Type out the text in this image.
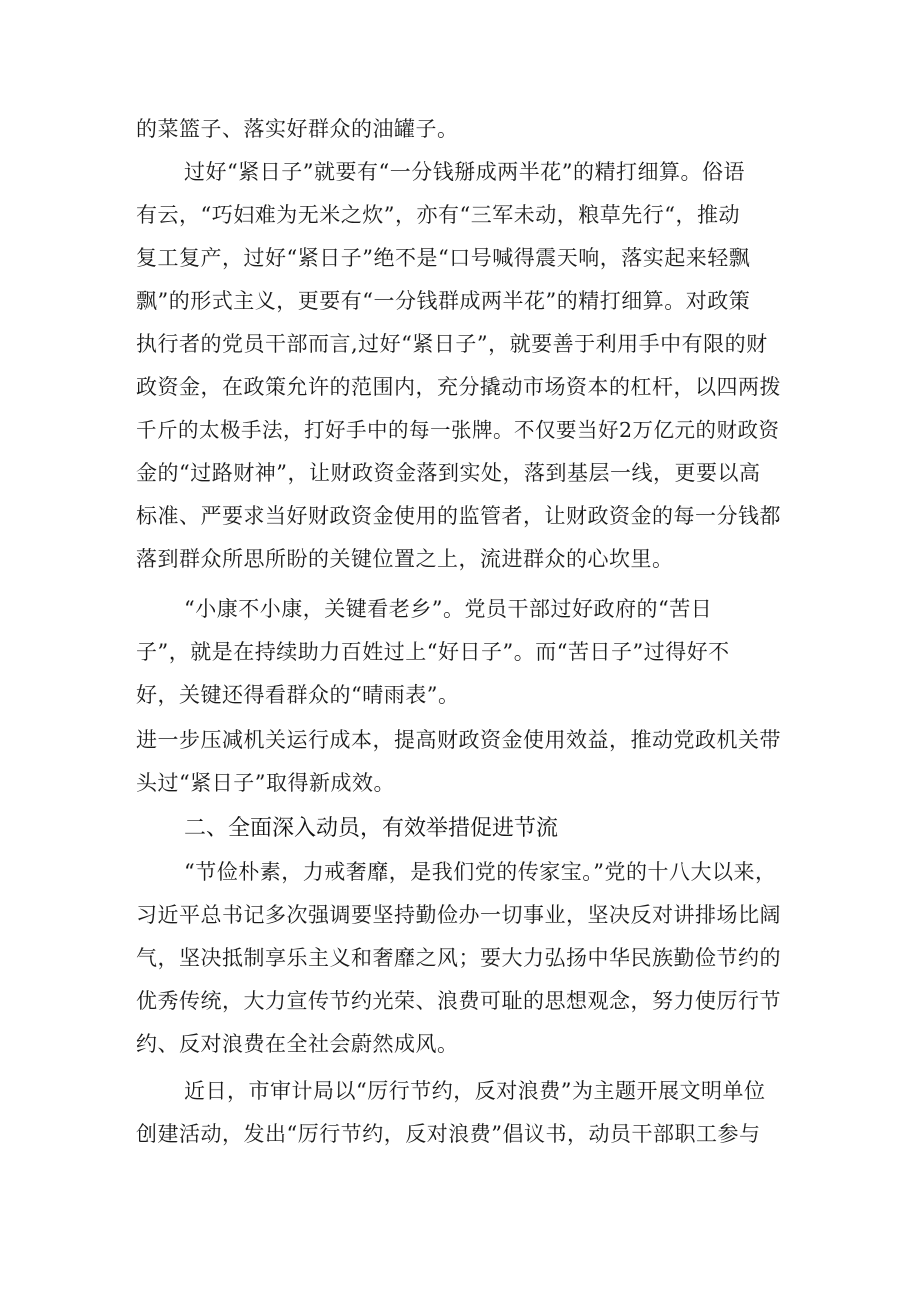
的菜篮子、落实好群众的油罐子。
过好“紧日子”就要有“一分钱掰成两半花”的精打细算。俗语
有云，“巧妇难为无米之炊”，亦有“三军未动，粮草先行“，推动
复工复产，过好“紧日子”绝不是“口号喊得震天响，落实起来轻飘
飘”的形式主义，更要有“一分钱群成两半花”的精打细算。对政策
执行者的党员干部而言,过好“紧日子”，就要善于利用手中有限的财
政资金，在政策允许的范围内，充分撬动市场资本的杠杆，以四两拨
千斤的太极手法，打好手中的每一张牌。不仅要当好2万亿元的财政资
金的“过路财神”，让财政资金落到实处，落到基层一线，更要以高
标准、严要求当好财政资金使用的监管者，让财政资金的每一分钱都
落到群众所思所盼的关键位置之上，流进群众的心坎里。
“小康不小康，关键看老乡”。党员干部过好政府的“苦日
子”，就是在持续助力百姓过上“好日子”。而“苦日子”过得好不
好，关键还得看群众的“晴雨表”。
进一步压减机关运行成本，提高财政资金使用效益，推动党政机关带
头过“紧日子”取得新成效。
二、全面深入动员，有效举措促进节流
“节俭朴素，力戒奢靡，是我们党的传家宝。”党的十八大以来，
习近平总书记多次强调要坚持勤俭办一切事业，坚决反对讲排场比阔
气，坚决抵制享乐主义和奢靡之风；要大力弘扬中华民族勤俭节约的
优秀传统，大力宣传节约光荣、浪费可耻的思想观念，努力使厉行节
约、反对浪费在全社会蔚然成风。
近日，市审计局以“厉行节约，反对浪费”为主题开展文明单位
创建活动，发出“厉行节约，反对浪费”倡议书，动员干部职工参与
